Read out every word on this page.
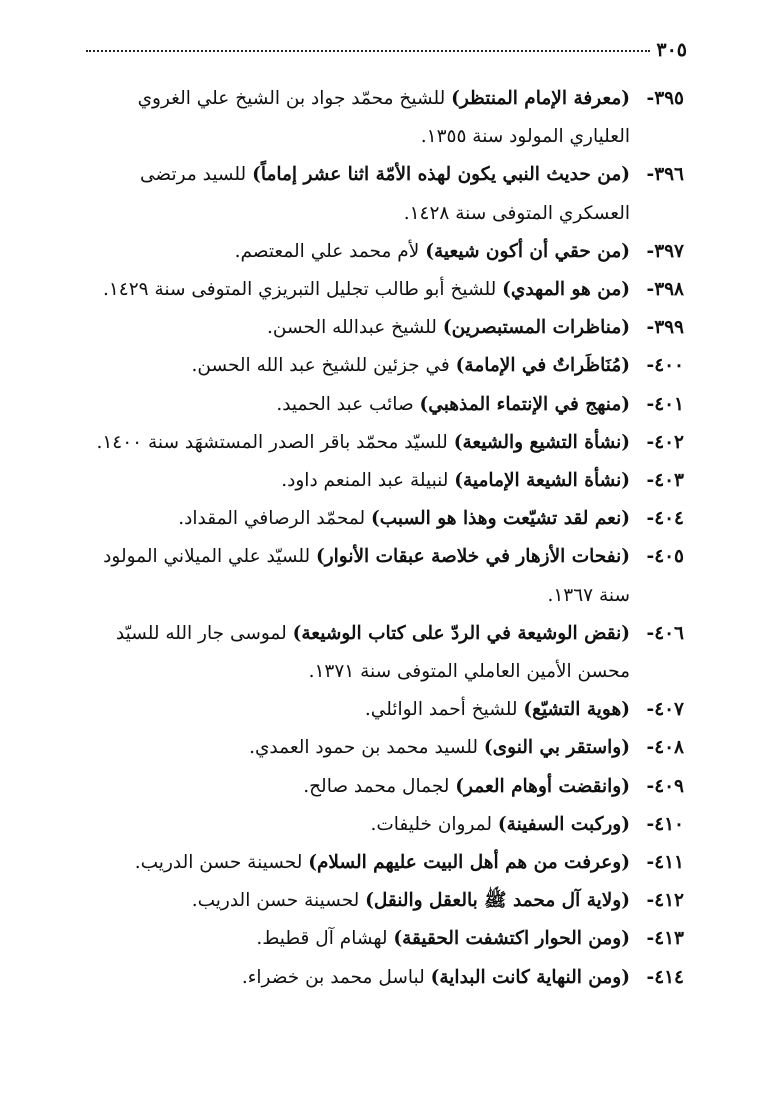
٣٠٥
٣٩٥-
(معرفة الإمام المنتظر) للشيخ محمّد جواد بن الشيخ علي الغروي العلياري المولود سنة ١٣٥٥.
٣٩٦-
(من حديث النبي يكون لهذه الأمّة اثنا عشر إماماً) للسيد مرتضى العسكري المتوفى سنة ١٤٢٨.
٣٩٧-
(من حقي أن أكون شيعية) لأم محمد علي المعتصم.
٣٩٨-
(من هو المهدي) للشيخ أبو طالب تجليل التبريزي المتوفى سنة ١٤٢٩.
٣٩٩-
(مناظرات المستبصرين) للشيخ عبدالله الحسن.
٤٠٠-
(مُنَاظَراتٌ في الإمامة) في جزئين للشيخ عبد الله الحسن.
٤٠١-
(منهج في الإنتماء المذهبي) صائب عبد الحميد.
٤٠٢-
(نشأة التشيع والشيعة) للسيّد محمّد باقر الصدر المستشهَد سنة ١٤٠٠.
٤٠٣-
(نشأة الشيعة الإمامية) لنبيلة عبد المنعم داود.
٤٠٤-
(نعم لقد تشيّعت وهذا هو السبب) لمحمّد الرصافي المقداد.
٤٠٥-
(نفحات الأزهار في خلاصة عبقات الأنوار) للسيّد علي الميلاني المولود سنة ١٣٦٧.
٤٠٦-
(نقض الوشيعة في الردّ على كتاب الوشيعة) لموسى جار الله للسيّد محسن الأمين العاملي المتوفى سنة ١٣٧١.
٤٠٧-
(هوية التشيّع) للشيخ أحمد الوائلي.
٤٠٨-
(واستقر بي النوى) للسيد محمد بن حمود العمدي.
٤٠٩-
(وانقضت أوهام العمر) لجمال محمد صالح.
٤١٠-
(وركبت السفينة) لمروان خليفات.
٤١١-
(وعرفت من هم أهل البيت عليهم السلام) لحسينة حسن الدريب.
٤١٢-
(ولاية آل محمد ﷺ بالعقل والنقل) لحسينة حسن الدريب.
٤١٣-
(ومن الحوار اكتشفت الحقيقة) لهشام آل قطيط.
٤١٤-
(ومن النهاية كانت البداية) لباسل محمد بن خضراء.
